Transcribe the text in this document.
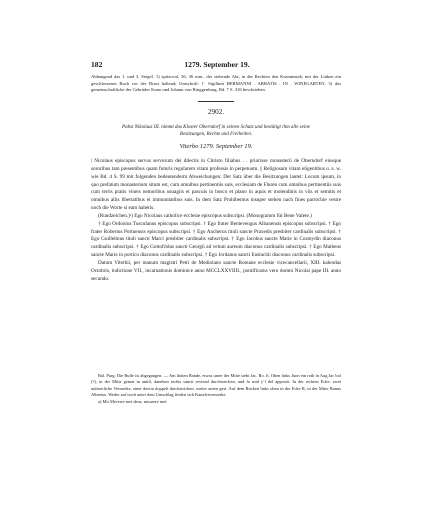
182	1279. September 19.

Abhangend das 1. und 3. Siegel: 1) spitzoval, 56, 36 mm., der stehende Abt, in der Rechten den Krummstab, mit der Linken ein geschlossenes Buch vor der Brust haltend; Umschrift: † Sigillum HERMANNI . ABBATIS . IN . WINEGARTEN. 3) das gemeinschaftliche der Gebrüder Kuno und Johann von Ringgenburg, Bd. 7 S. 316 beschrieben.

2902.

Pabst Nikolaus III. nimmt das Kloster Oberndorf in seinen Schutz und bestätigt ihm alle seine

Besitzungen, Rechte und Freiheiten.

Viterbo 1279. September 19.

| Nicolaus episcopus servus servorum dei dilectis in Christo filiabus . . priorisse monasterii de Oberndorf eiusque sororibus tam presentibus quam futuris regularem vitam professis in perpetuum. || Religiosam vitam eligentibus u. s. w. wie Bd. 4 S. 99 mit folgenden bedeutenderm Abweichungen: Der Satz über die Besitzungen lautet: Locum ipsum, in quo prefatum monasterium situm est, cum omnibus pertinentiis suis, ecclesiam de Fluren cum omnibus pertinentiis suis cum terris pratis vineis nemoribus usuagiis et pascuis in bosco et plano in aquis et molendinis in viis et semitis et omnibus aliis libertatibus et immunitatibus suis. In dem Satz Prohibemus insuper stehen nach fines parrochie vestre noch die Worte si eam habetis.

(Rundzeichen.)ᵃ) Ego Nicolaus catholice ecclesie episcopus subscripsi. (Monogramm für Bene Valete.)

† Ego Ordonius Tusculanus episcopus subscripsi. † Ego frater Bentevengus Albanensis episcopus subscripsi. † Ego frater Robertus Portuensis episcopus subscripsi. † Ego Ancherus tituli sancte Praxedis presbiter cardinalis subscripsi. † Ego Guillelmus tituli sancti Marci presbiter cardinalis subscripsi. † Ego Jacobus sancte Marie in Cosmydin diaconus cardinalis subscripsi. † Ego Gottofridus sancti Georgii ad velum aureum diaconus cardinalis subscripsi. † Ego Matheus sancte Marie in porticu diaconus cardinalis subscripsi. † Ego Jordanus sancti Eustachii diaconus cardinalis subscripsi.

Datum Viterbii, per manum magistri Petri de Mediolano sancte Romane ecclesie vicecancellarii, XIII. kalendas Octobris, indictione VII., incarnationis dominice anno MCCLXXVIIII., pontificatus vero domni Nicolai pape III. anno secundo.

Bal. Purg. Die Bulle ist abgegangen. — Am linken Rande, etwas unter der Mitte steht Jac. Ro. fi. Oben links Juon ein roth in Aug Jac bol (?), in der Mitte gemat in antiil, daneben rechts sancti reviend durchstrichen, und fo mid y’l del appostii. In der rechten Ecke: zwei unleserliche Vermerke, einer davon doppelt durchstrichen, weiter unten gest. Auf dem Rücken links oben in der Ecke R, in der Mitte Bonus Albertus. Weder auf noch unter dem Umschlag finden sich Kanzleivermerke.

a) Mit Mecerre mei deus, misarere mei.
